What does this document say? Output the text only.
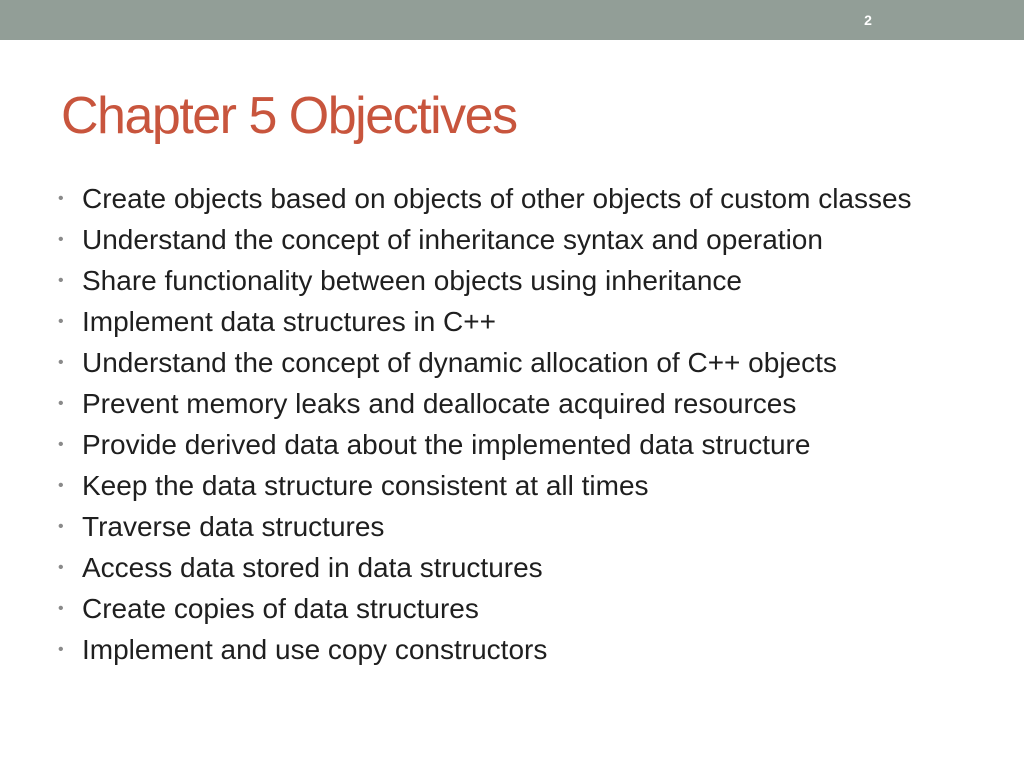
2
Chapter 5 Objectives
• Create objects based on objects of other objects of custom classes
• Understand the concept of inheritance syntax and operation
• Share functionality between objects using inheritance
• Implement data structures in C++
• Understand the concept of dynamic allocation of C++ objects
• Prevent memory leaks and deallocate acquired resources
• Provide derived data about the implemented data structure
• Keep the data structure consistent at all times
• Traverse data structures
• Access data stored in data structures
• Create copies of data structures
• Implement and use copy constructors
